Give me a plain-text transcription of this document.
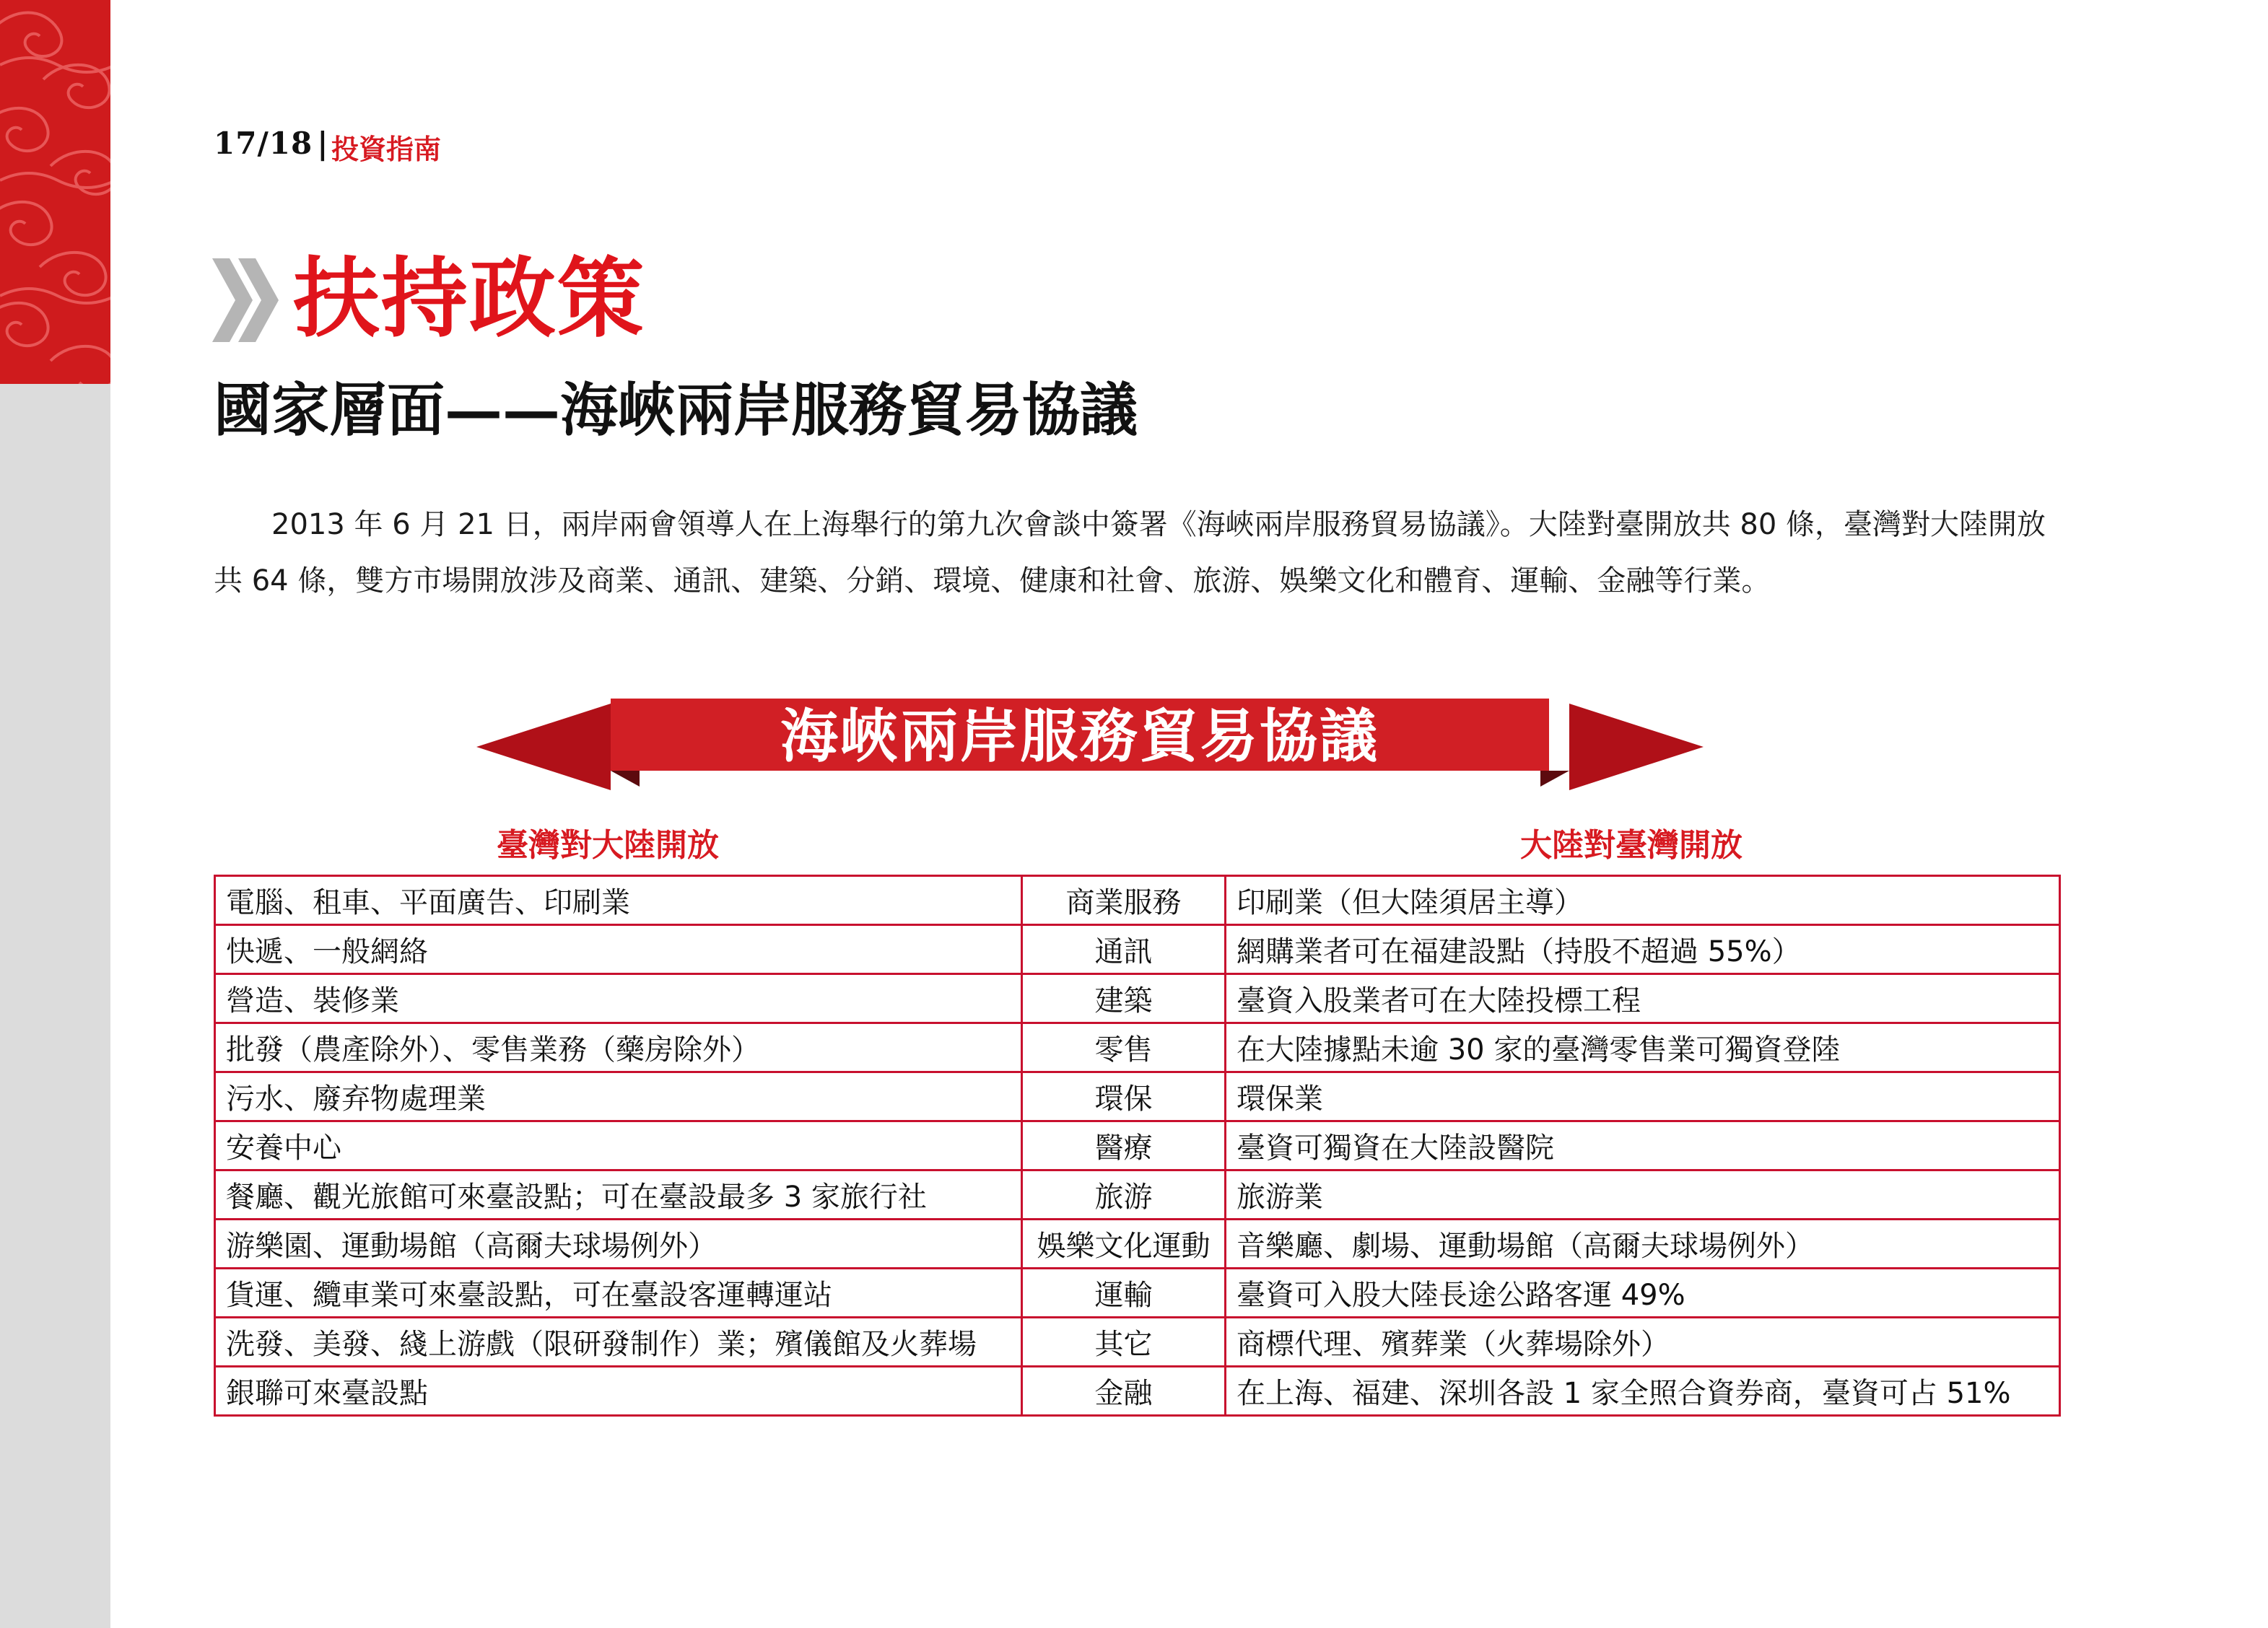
17/18 | 投資指南
扶持政策
國家層面——海峽兩岸服務貿易協議

2013 年 6 月 21 日，兩岸兩會領導人在上海舉行的第九次會談中簽署《海峽兩岸服務貿易協議》。大陸對臺開放共 80 條，臺灣對大陸開放共 64 條，雙方市場開放涉及商業、通訊、建築、分銷、環境、健康和社會、旅游、娛樂文化和體育、運輸、金融等行業。

海峽兩岸服務貿易協議
臺灣對大陸開放	大陸對臺灣開放
電腦、租車、平面廣告、印刷業	商業服務	印刷業（但大陸須居主導）
快遞、一般網絡	通訊	網購業者可在福建設點（持股不超過 55%）
營造、裝修業	建築	臺資入股業者可在大陸投標工程
批發（農產除外）、零售業務（藥房除外）	零售	在大陸據點未逾 30 家的臺灣零售業可獨資登陸
污水、廢弃物處理業	環保	環保業
安養中心	醫療	臺資可獨資在大陸設醫院
餐廳、觀光旅館可來臺設點；可在臺設最多 3 家旅行社	旅游	旅游業
游樂園、運動場館（高爾夫球場例外）	娛樂文化運動	音樂廳、劇場、運動場館（高爾夫球場例外）
貨運、纜車業可來臺設點，可在臺設客運轉運站	運輸	臺資可入股大陸長途公路客運 49%
洗發、美發、綫上游戲（限研發制作）業；殯儀館及火葬場	其它	商標代理、殯葬業（火葬場除外）
銀聯可來臺設點	金融	在上海、福建、深圳各設 1 家全照合資券商，臺資可占 51%
